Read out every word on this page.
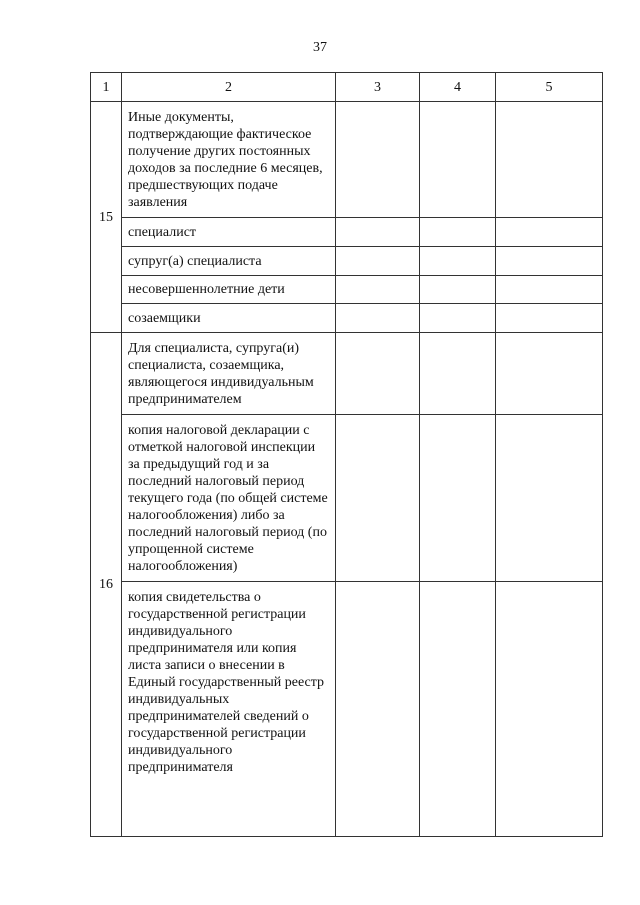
37
1	2	3	4	5
15	Иные документы, подтверждающие фактическое получение других постоянных доходов за последние 6 месяцев, предшествующих подаче заявления			
	специалист			
	супруг(а) специалиста			
	несовершеннолетние дети			
	созаемщики			
16	Для специалиста, супруга(и) специалиста, созаемщика, являющегося индивидуальным предпринимателем			
	копия налоговой декларации с отметкой налоговой инспекции за предыдущий год и за последний налоговый период текущего года (по общей системе налогообложения) либо за последний налоговый период (по упрощенной системе налогообложения)			
	копия свидетельства о государственной регистрации индивидуального предпринимателя или копия листа записи о внесении в Единый государственный реестр индивидуальных предпринимателей сведений о государственной регистрации индивидуального предпринимателя			
